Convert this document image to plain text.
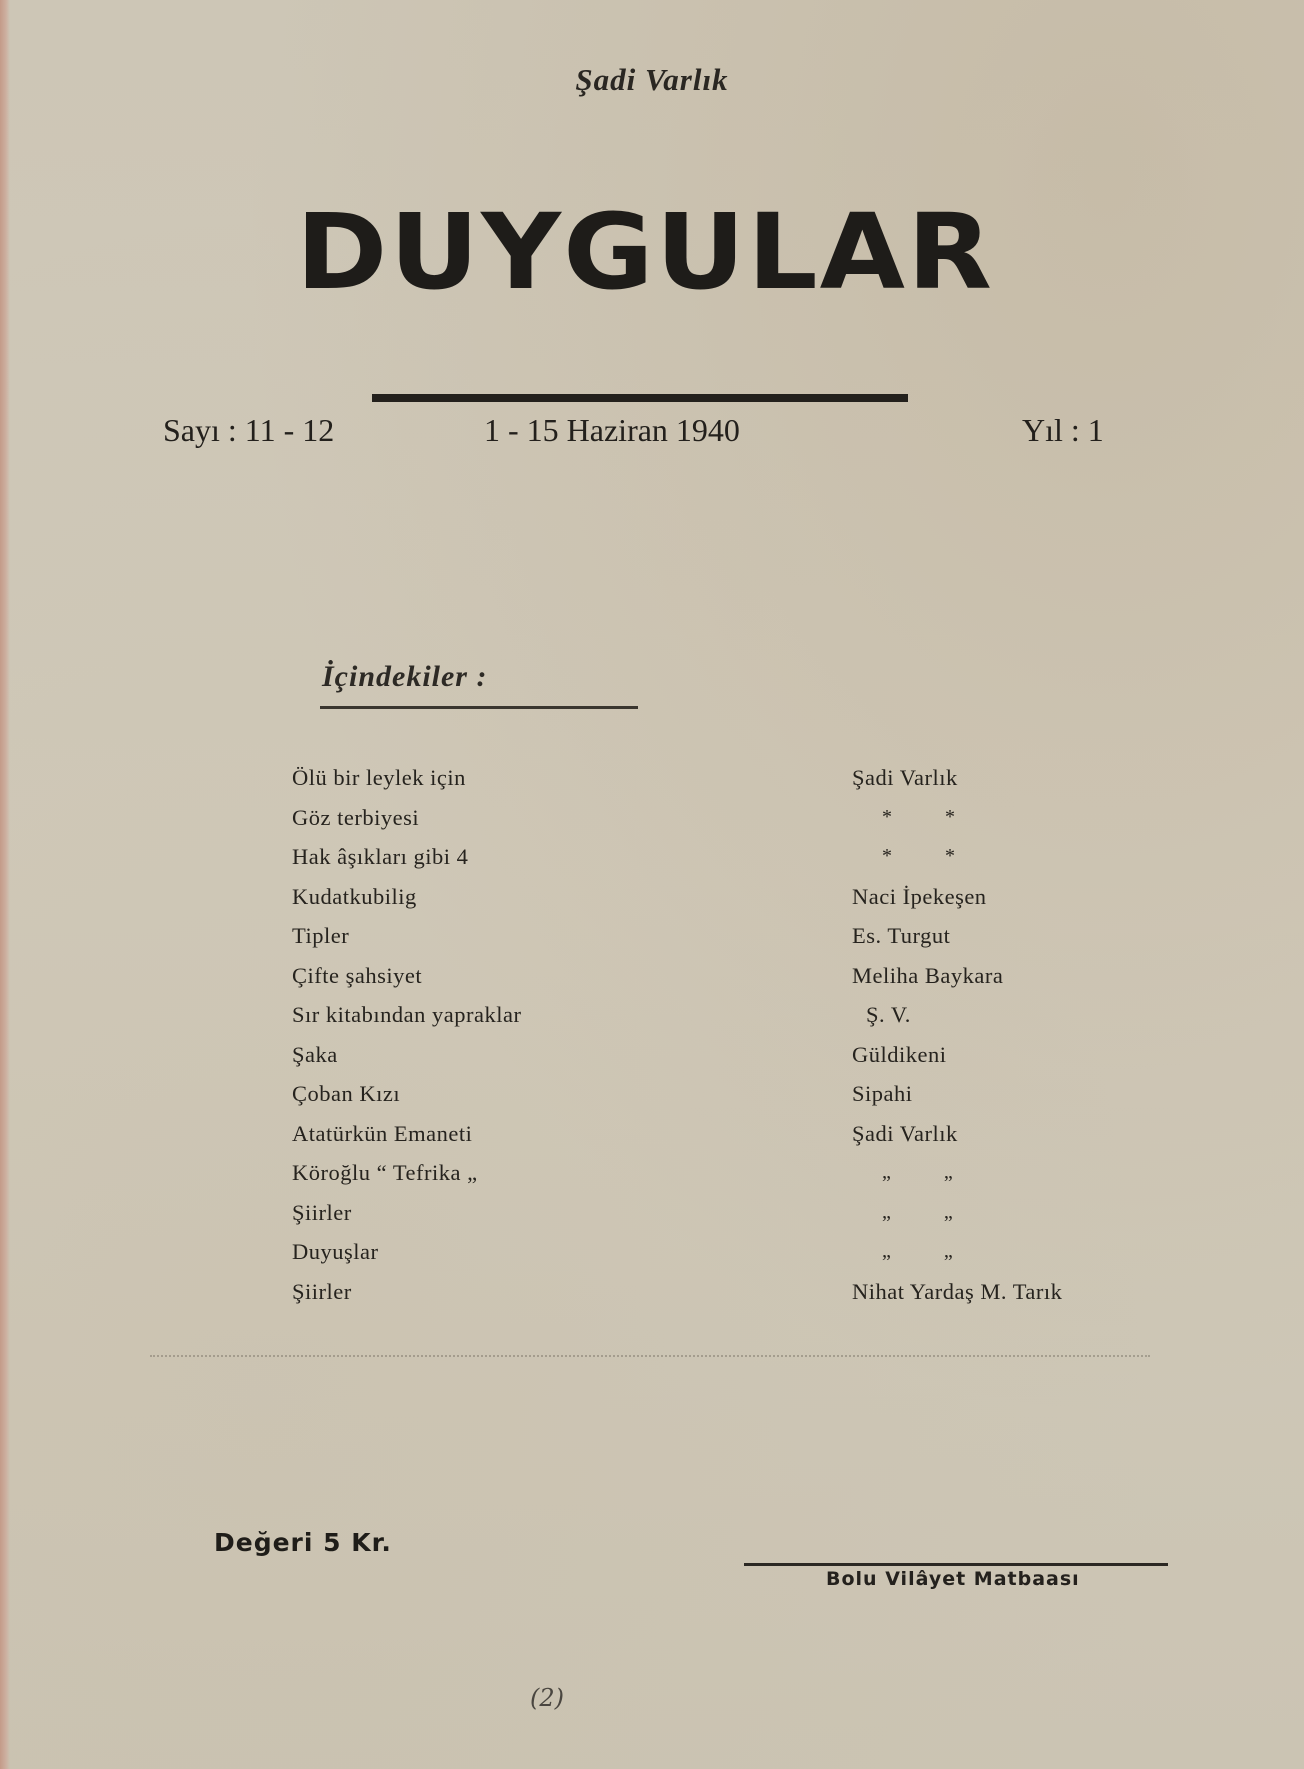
Şadi Varlık
DUYGULAR
Sayı : 11 - 12	1 - 15 Haziran 1940	Yıl : 1
İçindekiler :
Ölü bir leylek için	Şadi Varlık
Göz terbiyesi	* *
Hak âşıkları gibi 4	* *
Kudatkubilig	Naci İpekeşen
Tipler	Es. Turgut
Çifte şahsiyet	Meliha Baykara
Sır kitabından yapraklar	Ş. V.
Şaka	Güldikeni
Çoban Kızı	Sipahi
Atatürkün Emaneti	Şadi Varlık
Köroğlu “ Tefrika „	„ „
Şiirler	„ „
Duyuşlar	„ „
Şiirler	Nihat Yardaş M. Tarık
Değeri 5 Kr.
Bolu Vilâyet Matbaası
(2)
